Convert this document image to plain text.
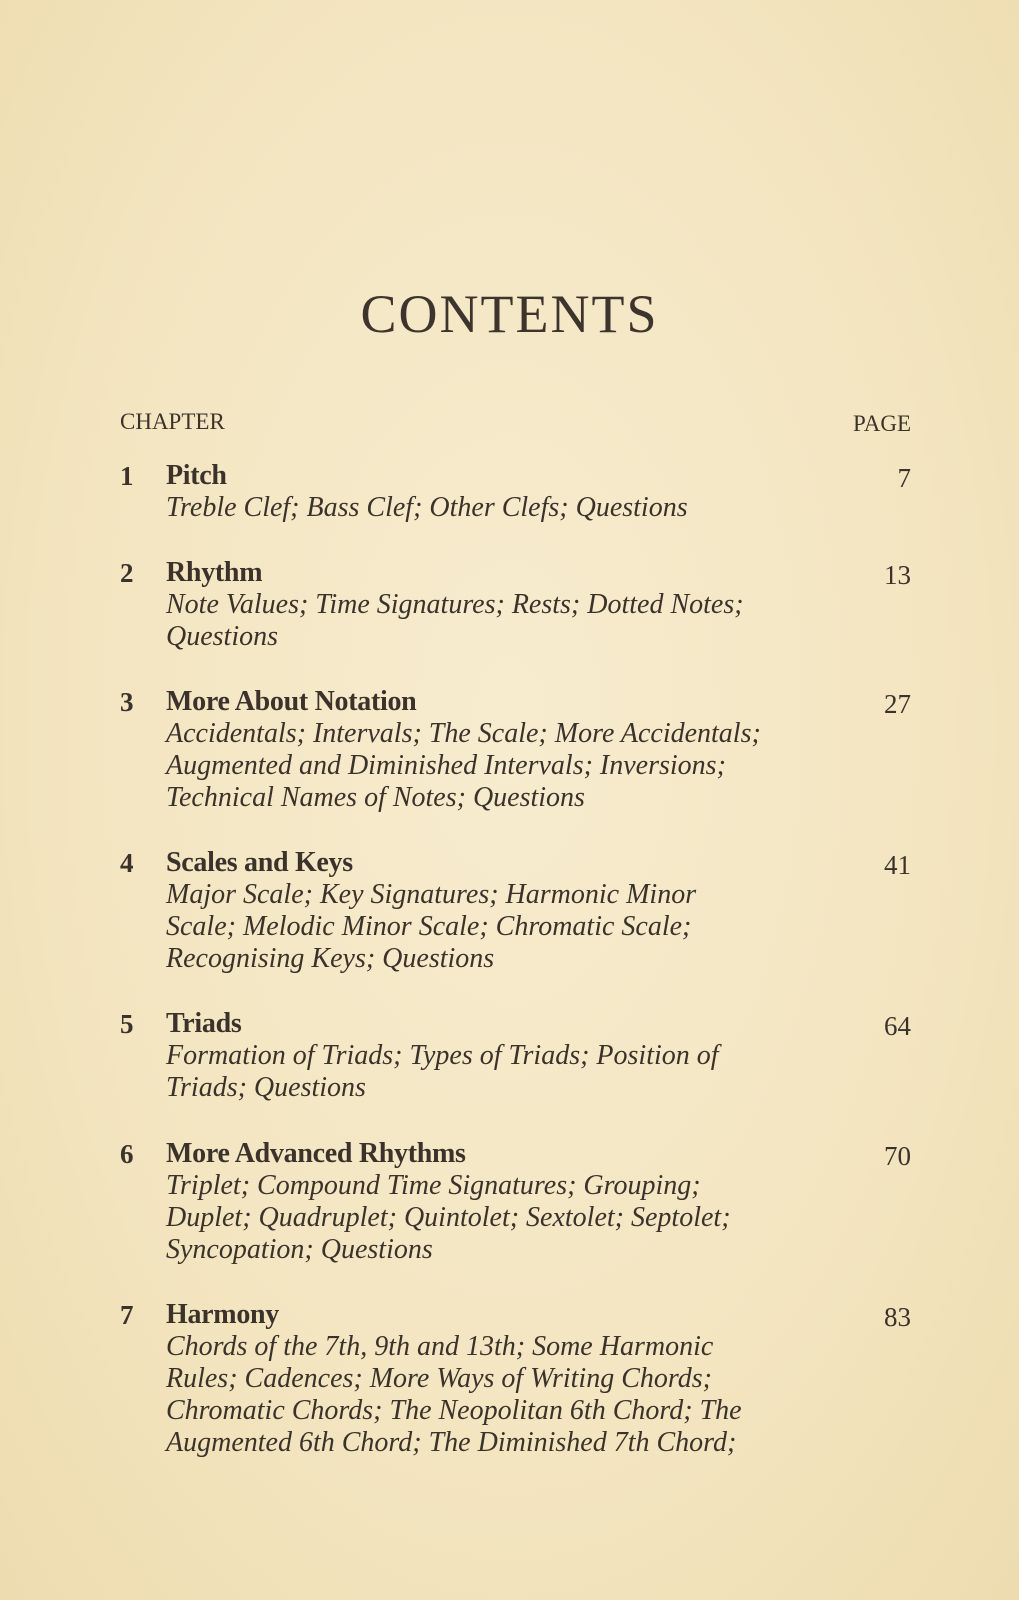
CONTENTS
CHAPTER	PAGE
1 Pitch	7
Treble Clef; Bass Clef; Other Clefs; Questions
2 Rhythm	13
Note Values; Time Signatures; Rests; Dotted Notes;
Questions
3 More About Notation	27
Accidentals; Intervals; The Scale; More Accidentals;
Augmented and Diminished Intervals; Inversions;
Technical Names of Notes; Questions
4 Scales and Keys	41
Major Scale; Key Signatures; Harmonic Minor
Scale; Melodic Minor Scale; Chromatic Scale;
Recognising Keys; Questions
5 Triads	64
Formation of Triads; Types of Triads; Position of
Triads; Questions
6 More Advanced Rhythms	70
Triplet; Compound Time Signatures; Grouping;
Duplet; Quadruplet; Quintolet; Sextolet; Septolet;
Syncopation; Questions
7 Harmony	83
Chords of the 7th, 9th and 13th; Some Harmonic
Rules; Cadences; More Ways of Writing Chords;
Chromatic Chords; The Neopolitan 6th Chord; The
Augmented 6th Chord; The Diminished 7th Chord;
